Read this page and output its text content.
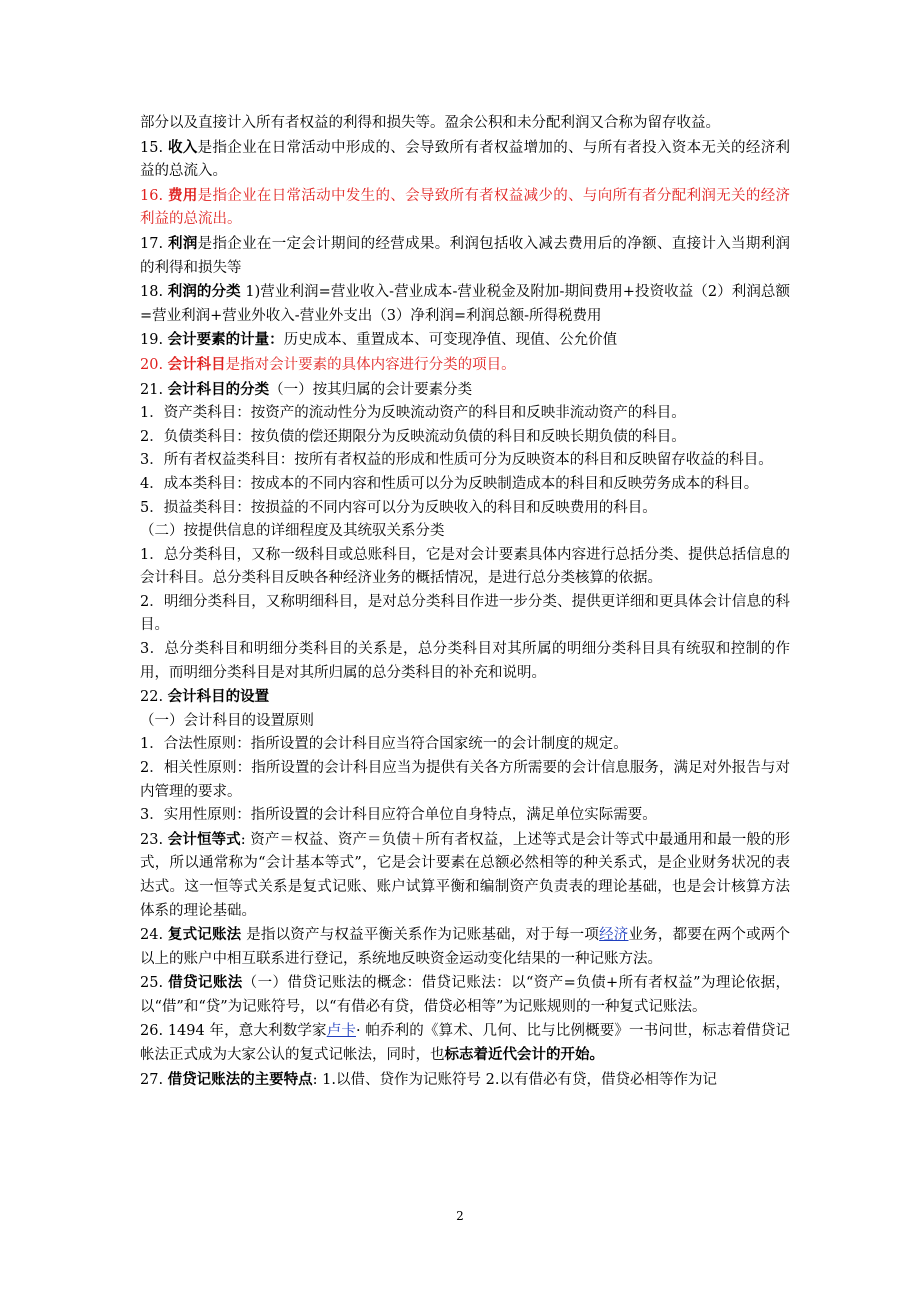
部分以及直接计入所有者权益的利得和损失等。盈余公积和未分配利润又合称为留存收益。

15. 收入是指企业在日常活动中形成的、会导致所有者权益增加的、与所有者投入资本无关的经济利益的总流入。

16. 费用是指企业在日常活动中发生的、会导致所有者权益减少的、与向所有者分配利润无关的经济利益的总流出。

17. 利润是指企业在一定会计期间的经营成果。利润包括收入减去费用后的净额、直接计入当期利润的利得和损失等

18. 利润的分类 1)营业利润=营业收入-营业成本-营业税金及附加-期间费用+投资收益（2）利润总额=营业利润+营业外收入-营业外支出（3）净利润=利润总额-所得税费用

19. 会计要素的计量：历史成本、重置成本、可变现净值、现值、公允价值

20. 会计科目是指对会计要素的具体内容进行分类的项目。

21. 会计科目的分类（一）按其归属的会计要素分类

1．资产类科目：按资产的流动性分为反映流动资产的科目和反映非流动资产的科目。

2．负债类科目：按负债的偿还期限分为反映流动负债的科目和反映长期负债的科目。

3．所有者权益类科目：按所有者权益的形成和性质可分为反映资本的科目和反映留存收益的科目。

4．成本类科目：按成本的不同内容和性质可以分为反映制造成本的科目和反映劳务成本的科目。

5．损益类科目：按损益的不同内容可以分为反映收入的科目和反映费用的科目。

（二）按提供信息的详细程度及其统驭关系分类

1．总分类科目，又称一级科目或总账科目，它是对会计要素具体内容进行总括分类、提供总括信息的会计科目。总分类科目反映各种经济业务的概括情况，是进行总分类核算的依据。

2．明细分类科目，又称明细科目，是对总分类科目作进一步分类、提供更详细和更具体会计信息的科目。

3．总分类科目和明细分类科目的关系是，总分类科目对其所属的明细分类科目具有统驭和控制的作用，而明细分类科目是对其所归属的总分类科目的补充和说明。

22. 会计科目的设置

（一）会计科目的设置原则

1．合法性原则：指所设置的会计科目应当符合国家统一的会计制度的规定。

2．相关性原则：指所设置的会计科目应当为提供有关各方所需要的会计信息服务，满足对外报告与对内管理的要求。

3．实用性原则：指所设置的会计科目应符合单位自身特点，满足单位实际需要。

23. 会计恒等式: 资产＝权益、资产＝负债＋所有者权益，上述等式是会计等式中最通用和最一般的形式，所以通常称为“会计基本等式”，它是会计要素在总额必然相等的种关系式，是企业财务状况的表达式。这一恒等式关系是复式记账、账户试算平衡和编制资产负责表的理论基础，也是会计核算方法体系的理论基础。

24. 复式记账法 是指以资产与权益平衡关系作为记账基础，对于每一项经济业务，都要在两个或两个以上的账户中相互联系进行登记，系统地反映资金运动变化结果的一种记账方法。

25. 借贷记账法（一）借贷记账法的概念：借贷记账法：以“资产=负债+所有者权益”为理论依据，以“借”和“贷”为记账符号，以“有借必有贷，借贷必相等”为记账规则的一种复式记账法。

26. 1494 年，意大利数学家卢卡· 帕乔利的《算术、几何、比与比例概要》一书问世，标志着借贷记帐法正式成为大家公认的复式记帐法，同时，也标志着近代会计的开始。

27. 借贷记账法的主要特点: 1.以借、贷作为记账符号 2.以有借必有贷，借贷必相等作为记

2
